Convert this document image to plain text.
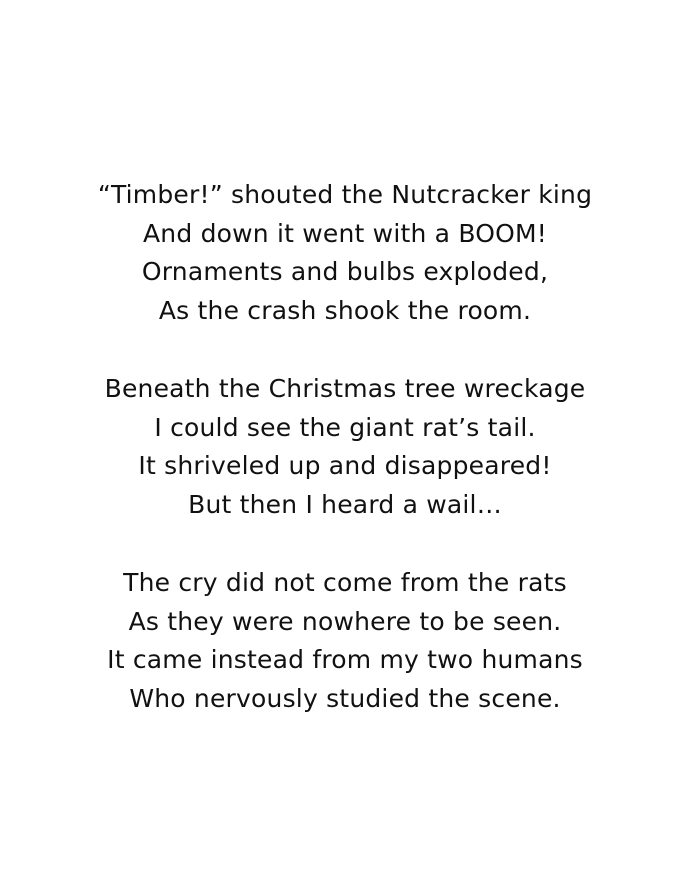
“Timber!” shouted the Nutcracker king
And down it went with a BOOM!
Ornaments and bulbs exploded,
As the crash shook the room.
Beneath the Christmas tree wreckage
I could see the giant rat’s tail.
It shriveled up and disappeared!
But then I heard a wail…
The cry did not come from the rats
As they were nowhere to be seen.
It came instead from my two humans
Who nervously studied the scene.
